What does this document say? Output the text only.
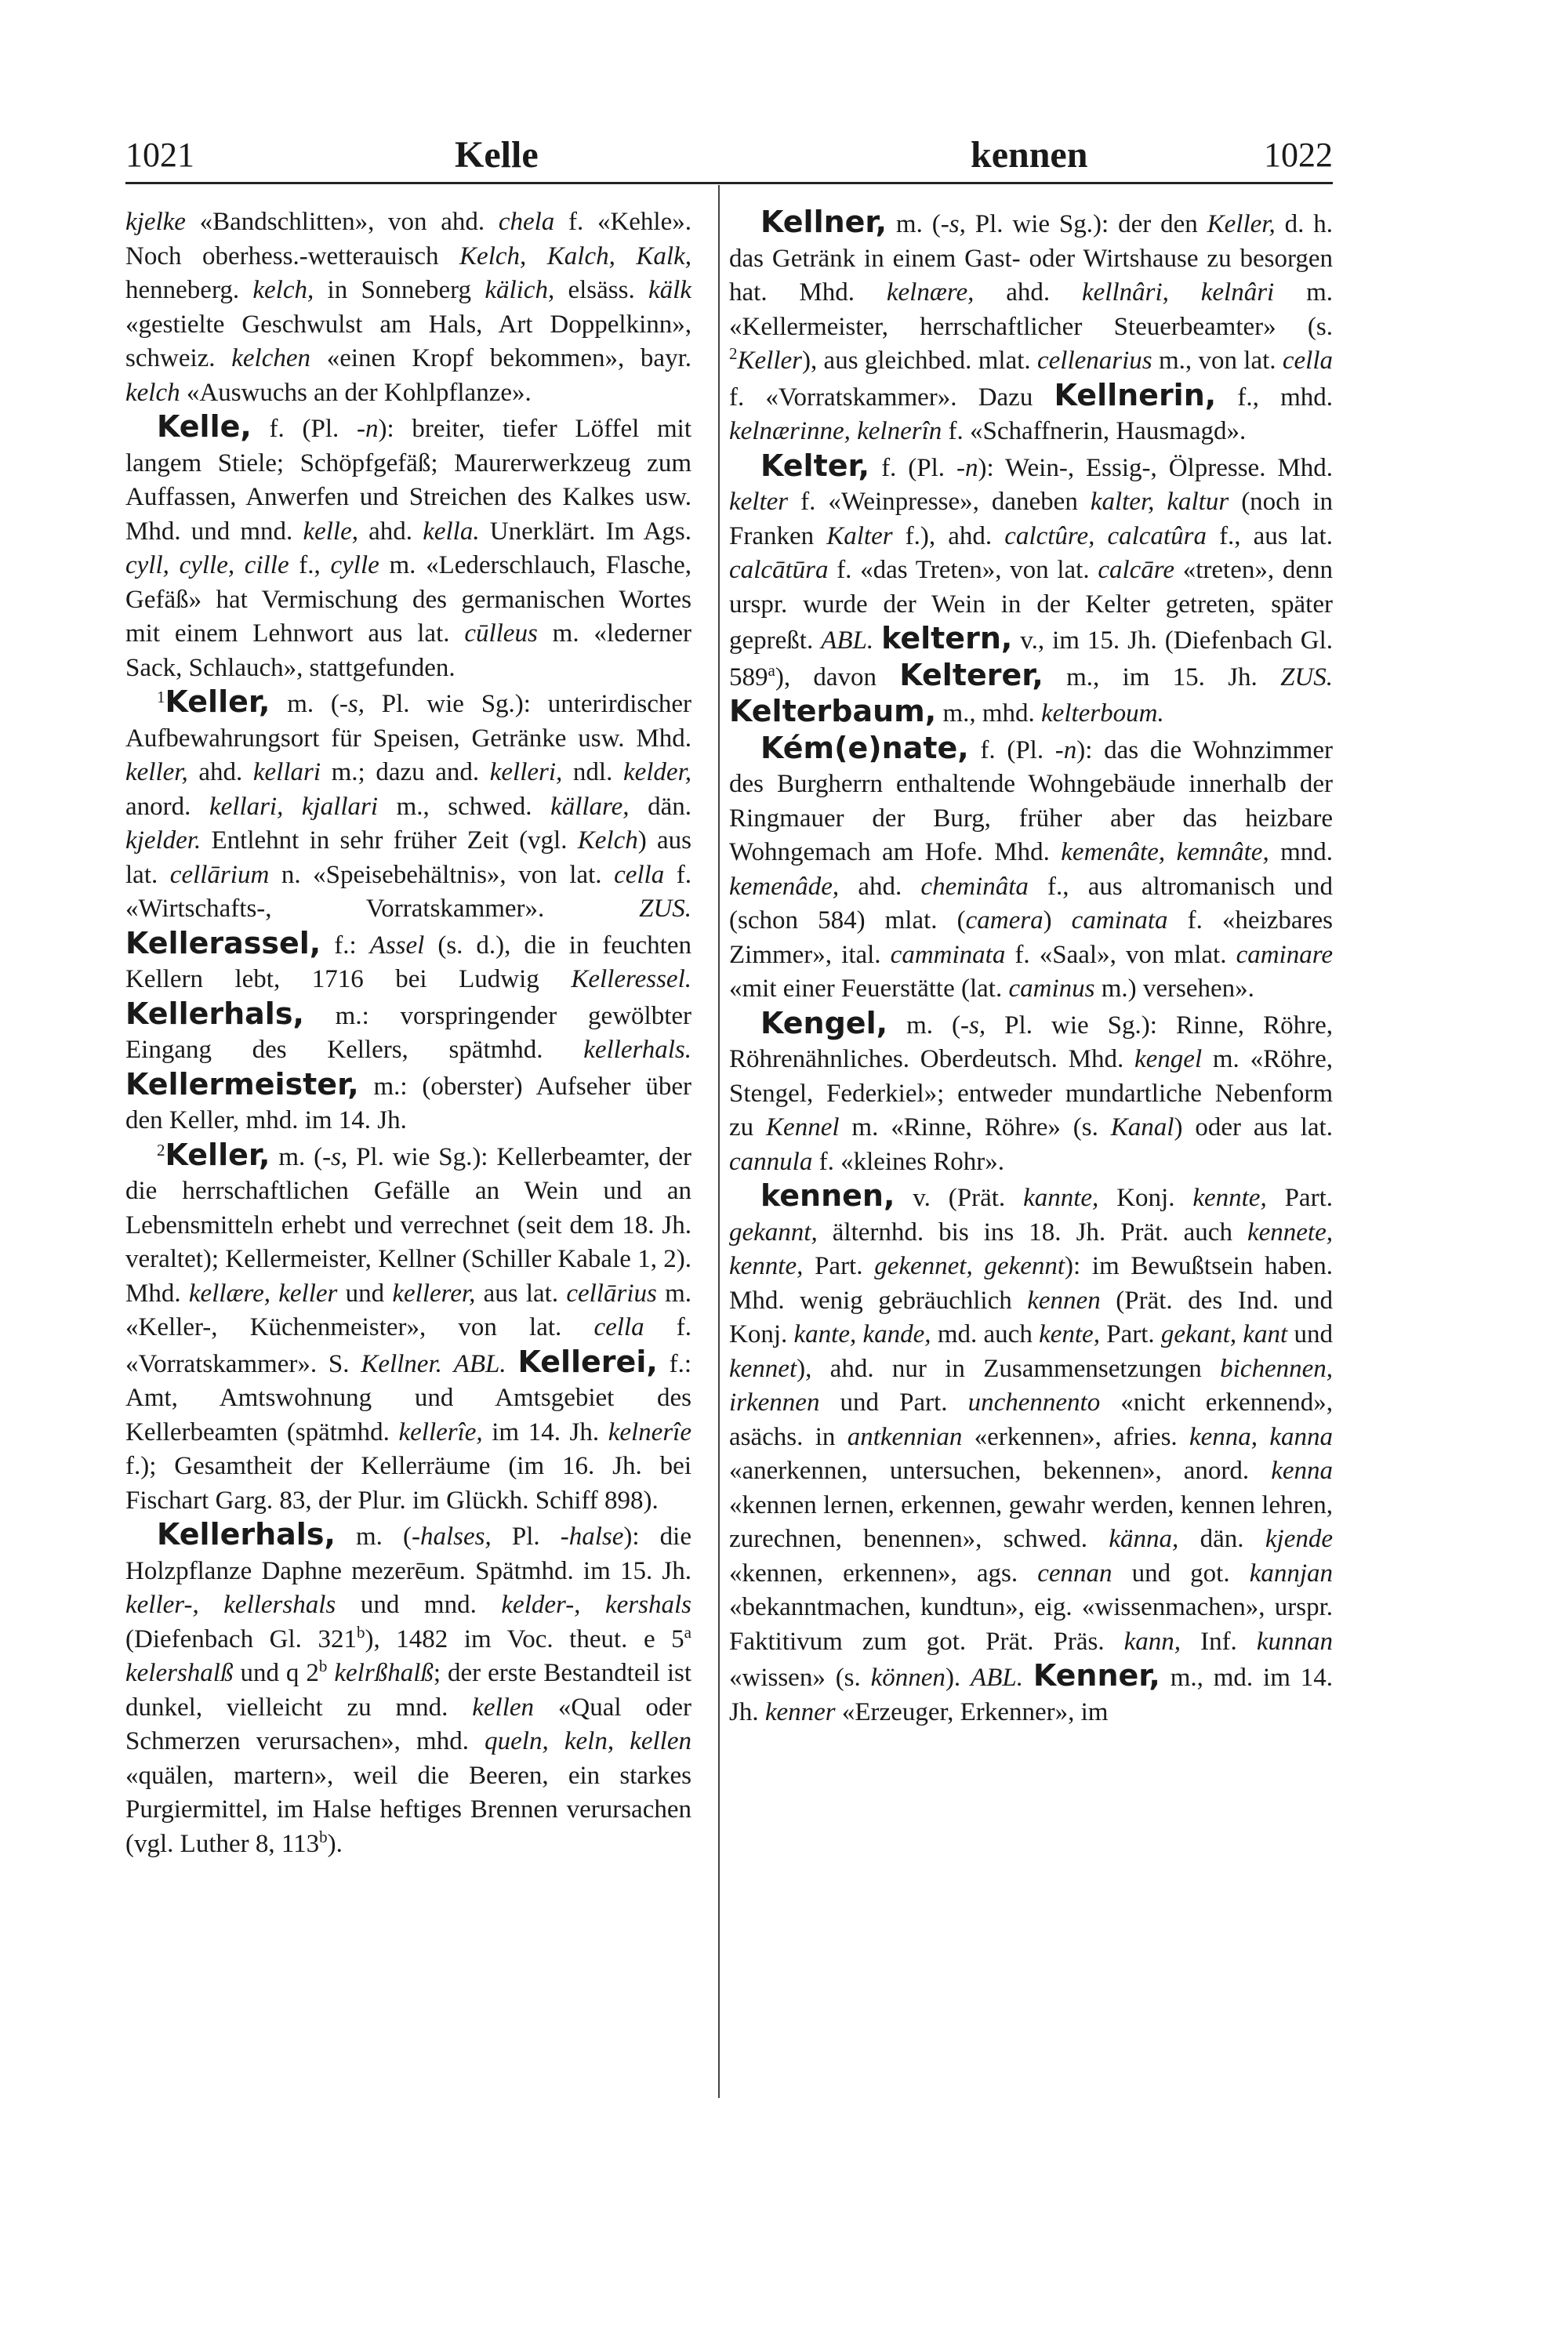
1021	Kelle	kennen	1022

kjelke «Bandschlitten», von ahd. chela f. «Kehle». Noch oberhess.-wetterauisch Kelch, Kalch, Kalk, henneberg. kelch, in Sonneberg kälich, elsäss. kälk «gestielte Geschwulst am Hals, Art Doppelkinn», schweiz. kelchen «einen Kropf bekommen», bayr. kelch «Auswuchs an der Kohlpflanze».

Kelle, f. (Pl. -n): breiter, tiefer Löffel mit langem Stiele; Schöpfgefäß; Maurerwerkzeug zum Auffassen, Anwerfen und Streichen des Kalkes usw. Mhd. und mnd. kelle, ahd. kella. Unerklärt. Im Ags. cyll, cylle, cille f., cylle m. «Lederschlauch, Flasche, Gefäß» hat Vermischung des germanischen Wortes mit einem Lehnwort aus lat. cūlleus m. «lederner Sack, Schlauch», stattgefunden.

$^1$Keller, m. (-s, Pl. wie Sg.): unterirdischer Aufbewahrungsort für Speisen, Getränke usw. Mhd. keller, ahd. kellari m.; dazu and. kelleri, ndl. kelder, anord. kellari, kjallari m., schwed. källare, dän. kjelder. Entlehnt in sehr früher Zeit (vgl. Kelch) aus lat. cellārium n. «Speisebehältnis», von lat. cella f. «Wirtschafts-, Vorratskammer». ZUS. Kellerassel, f.: Assel (s. d.), die in feuchten Kellern lebt, 1716 bei Ludwig Kelleressel. Kellerhals, m.: vorspringender gewölbter Eingang des Kellers, spätmhd. kellerhals. Kellermeister, m.: (oberster) Aufseher über den Keller, mhd. im 14. Jh.

$^2$Keller, m. (-s, Pl. wie Sg.): Kellerbeamter, der die herrschaftlichen Gefälle an Wein und an Lebensmitteln erhebt und verrechnet (seit dem 18. Jh. veraltet); Kellermeister, Kellner (Schiller Kabale 1, 2). Mhd. kellære, keller und kellerer, aus lat. cellārius m. «Keller-, Küchenmeister», von lat. cella f. «Vorratskammer». S. Kellner. ABL. Kellerei, f.: Amt, Amtswohnung und Amtsgebiet des Kellerbeamten (spätmhd. kellerîe, im 14. Jh. kelnerîe f.); Gesamtheit der Kellerräume (im 16. Jh. bei Fischart Garg. 83, der Plur. im Glückh. Schiff 898).

Kellerhals, m. (-halses, Pl. -halse): die Holzpflanze Daphne mezerēum. Spätmhd. im 15. Jh. keller-, kellershals und mnd. kelder-, kershals (Diefenbach Gl. 321$^b$), 1482 im Voc. theut. e 5$^a$ kelershalß und q 2$^b$ kelrßhalß; der erste Bestandteil ist dunkel, vielleicht zu mnd. kellen «Qual oder Schmerzen verursachen», mhd. queln, keln, kellen «quälen, martern», weil die Beeren, ein starkes Purgiermittel, im Halse heftiges Brennen verursachen (vgl. Luther 8, 113$^b$).

Kellner, m. (-s, Pl. wie Sg.): der den Keller, d. h. das Getränk in einem Gast- oder Wirtshause zu besorgen hat. Mhd. kelnære, ahd. kellnâri, kelnâri m. «Kellermeister, herrschaftlicher Steuerbeamter» (s. $^2$Keller), aus gleichbed. mlat. cellenarius m., von lat. cella f. «Vorratskammer». Dazu Kellnerin, f., mhd. kelnærinne, kelnerîn f. «Schaffnerin, Hausmagd».

Kelter, f. (Pl. -n): Wein-, Essig-, Ölpresse. Mhd. kelter f. «Weinpresse», daneben kalter, kaltur (noch in Franken Kalter f.), ahd. calctûre, calcatûra f., aus lat. calcātūra f. «das Treten», von lat. calcāre «treten», denn urspr. wurde der Wein in der Kelter getreten, später gepreßt. ABL. keltern, v., im 15. Jh. (Diefenbach Gl. 589$^a$), davon Kelterer, m., im 15. Jh. ZUS. Kelterbaum, m., mhd. kelterboum.

Kém(e)nate, f. (Pl. -n): das die Wohnzimmer des Burgherrn enthaltende Wohngebäude innerhalb der Ringmauer der Burg, früher aber das heizbare Wohngemach am Hofe. Mhd. kemenâte, kemnâte, mnd. kemenâde, ahd. cheminâta f., aus altromanisch und (schon 584) mlat. (camera) caminata f. «heizbares Zimmer», ital. camminata f. «Saal», von mlat. caminare «mit einer Feuerstätte (lat. caminus m.) versehen».

Kengel, m. (-s, Pl. wie Sg.): Rinne, Röhre, Röhrenähnliches. Oberdeutsch. Mhd. kengel m. «Röhre, Stengel, Federkiel»; entweder mundartliche Nebenform zu Kennel m. «Rinne, Röhre» (s. Kanal) oder aus lat. cannula f. «kleines Rohr».

kennen, v. (Prät. kannte, Konj. kennte, Part. gekannt, älternhd. bis ins 18. Jh. Prät. auch kennete, kennte, Part. gekennet, gekennt): im Bewußtsein haben. Mhd. wenig gebräuchlich kennen (Prät. des Ind. und Konj. kante, kande, md. auch kente, Part. gekant, kant und kennet), ahd. nur in Zusammensetzungen bichennen, irkennen und Part. unchennento «nicht erkennend», asächs. in antkennian «erkennen», afries. kenna, kanna «anerkennen, untersuchen, bekennen», anord. kenna «kennen lernen, erkennen, gewahr werden, kennen lehren, zurechnen, benennen», schwed. känna, dän. kjende «kennen, erkennen», ags. cennan und got. kannjan «bekanntmachen, kundtun», eig. «wissenmachen», urspr. Faktitivum zum got. Prät. Präs. kann, Inf. kunnan «wissen» (s. können). ABL. Kenner, m., md. im 14. Jh. kenner «Erzeuger, Erkenner», im
